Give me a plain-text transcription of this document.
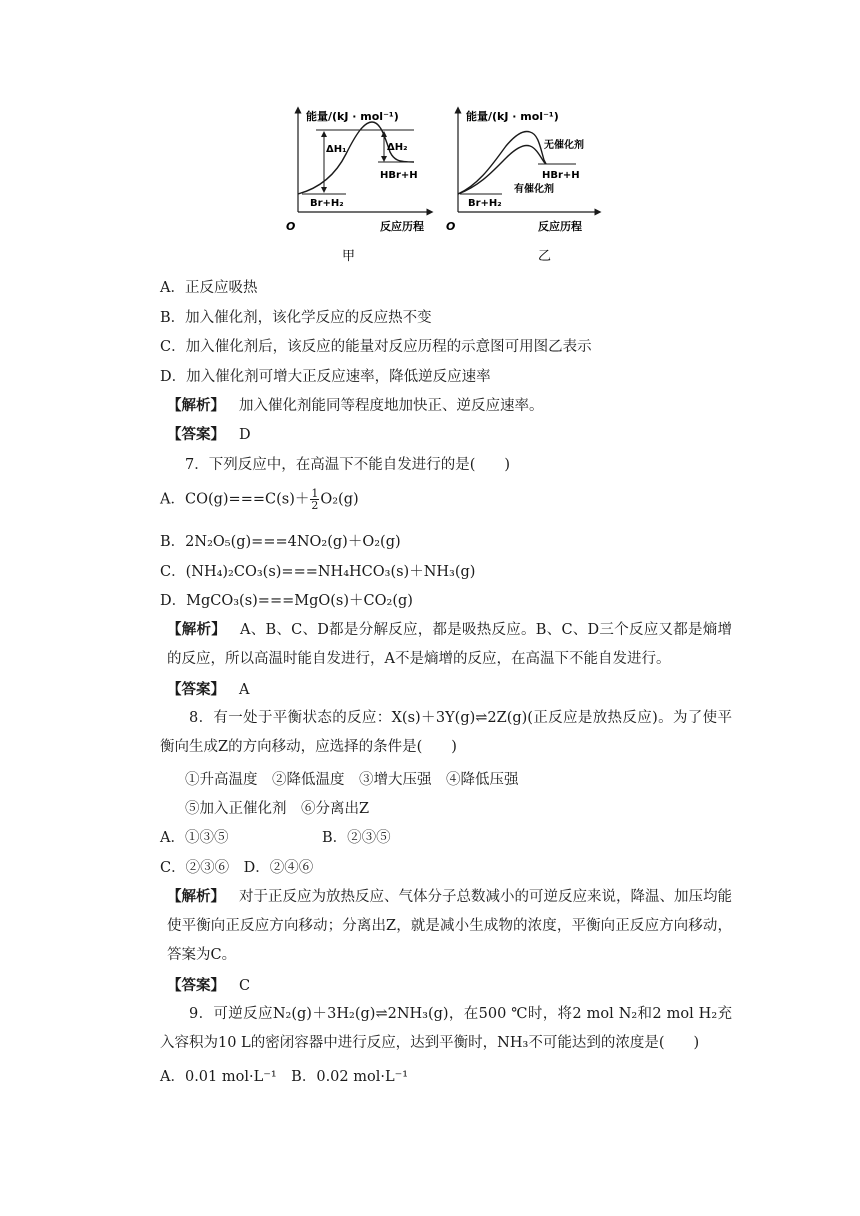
能量/(kJ · mol⁻¹)
O	反应历程
ΔH₁	ΔH₂
HBr+H
Br+H₂
能量/(kJ · mol⁻¹)
O	反应历程
无催化剂
HBr+H
有催化剂
Br+H₂
甲	乙
A．正反应吸热
B．加入催化剂，该化学反应的反应热不变
C．加入催化剂后，该反应的能量对反应历程的示意图可用图乙表示
D．加入催化剂可增大正反应速率，降低逆反应速率
【解析】 加入催化剂能同等程度地加快正、逆反应速率。
【答案】 D
7．下列反应中，在高温下不能自发进行的是(　　)
A．$CO(g)===C(s)+ \frac{1}{2} O_2(g)$
B．2N₂O₅(g)===4NO₂(g)＋O₂(g)
C．(NH₄)₂CO₃(s)===NH₄HCO₃(s)＋NH₃(g)
D．MgCO₃(s)===MgO(s)＋CO₂(g)
【解析】 A、B、C、D都是分解反应，都是吸热反应。B、C、D三个反应又都是熵增的反应，所以高温时能自发进行，A不是熵增的反应，在高温下不能自发进行。
【答案】 A
8．有一处于平衡状态的反应：X(s)＋3Y(g)⇌2Z(g)(正反应是放热反应)。为了使平衡向生成Z的方向移动，应选择的条件是(　　)
①升高温度　②降低温度　③增大压强　④降低压强
⑤加入正催化剂　⑥分离出Z
A．①③⑤	B．②③⑤
C．②③⑥　D．②④⑥
【解析】 对于正反应为放热反应、气体分子总数减小的可逆反应来说，降温、加压均能使平衡向正反应方向移动；分离出Z，就是减小生成物的浓度，平衡向正反应方向移动，答案为C。
【答案】 C
9．可逆反应N₂(g)＋3H₂(g)⇌2NH₃(g)，在500 ℃时，将2 mol N₂和2 mol H₂充入容积为10 L的密闭容器中进行反应，达到平衡时，NH₃不可能达到的浓度是(　　)
A．0.01 mol·L⁻¹　B．0.02 mol·L⁻¹
